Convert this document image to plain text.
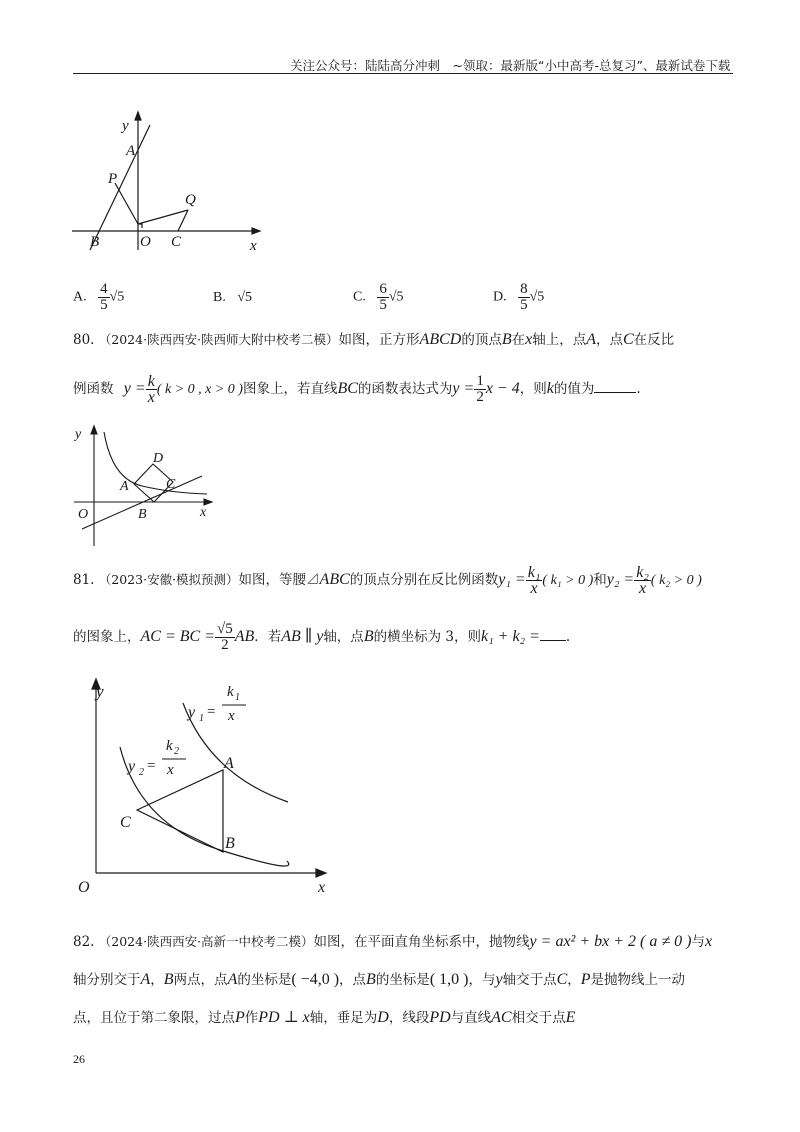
关注公众号：陆陆高分冲刺　~领取：最新版“小中高考-总复习”、最新试卷下载
y
A
P
Q
B	O C	x
A. $\frac{4}{5} √5$	B. √5	C. $\frac{6}{5} √5$	D. $\frac{8}{5} √5$
80. （2024·陕西西安·陕西师大附中校考二模）如图，正方形ABCD的顶点B在x轴上，点A，点C在反比
例函数 $y = \frac{k}{x}$ ( k > 0 , x > 0 )图象上，若直线BC的函数表达式为$y = \frac{1}{2}$ x − 4，则k的值为	.
y
D
A	C
O	B	x
81. （2023·安徽·模拟预测）如图，等腰⊿ABC的顶点分别在反比例函数$y_1 = \frac{\text{k₁}}{x}$ ( k₁ > 0 )和$y_2 = \frac{\text{k₂}}{x}$ ( k₂ > 0 )
的图象上，AC = BC = $\frac{√5}{2}$ AB．若AB ∥ y轴，点B的横坐标为 3，则k₁ + k₂ = .
y
y 1 =
k 1
x
y 2 =
k 2
x	A
B
C
O	x
82. （2024·陕西西安·高新一中校考二模）如图，在平面直角坐标系中，抛物线y = ax² + bx + 2 ( a ≠ 0 )与x
轴分别交于A，B两点，点A的坐标是( −4,0 )，点B的坐标是( 1,0 )，与y轴交于点C，P是抛物线上一动
点，且位于第二象限，过点P作PD ⊥ x轴，垂足为D，线段PD与直线AC相交于点E
26
